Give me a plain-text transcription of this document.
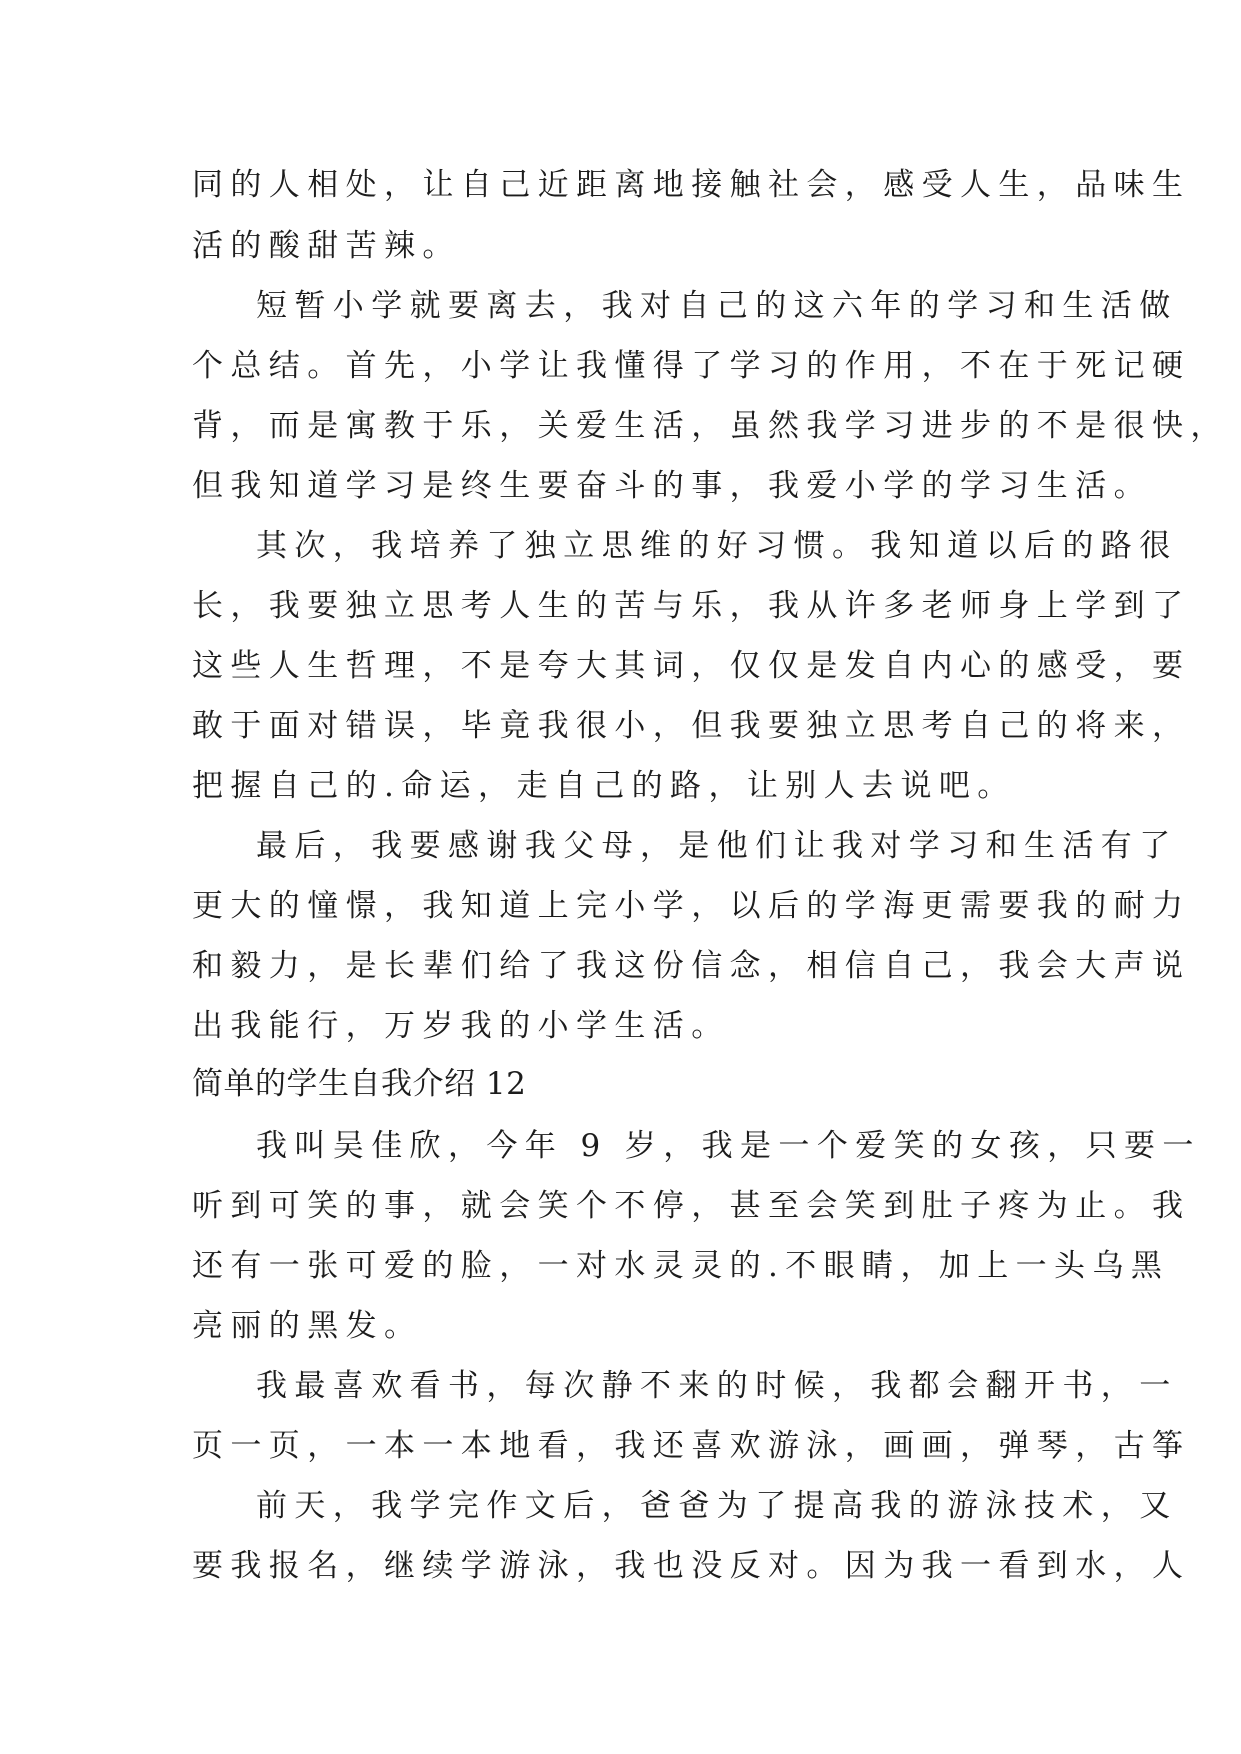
同的人相处，让自己近距离地接触社会，感受人生，品味生
活的酸甜苦辣。
短暂小学就要离去，我对自己的这六年的学习和生活做
个总结。首先，小学让我懂得了学习的作用，不在于死记硬
背，而是寓教于乐，关爱生活，虽然我学习进步的不是很快，
但我知道学习是终生要奋斗的事，我爱小学的学习生活。
其次，我培养了独立思维的好习惯。我知道以后的路很
长，我要独立思考人生的苦与乐，我从许多老师身上学到了
这些人生哲理，不是夸大其词，仅仅是发自内心的感受，要
敢于面对错误，毕竟我很小，但我要独立思考自己的将来，
把握自己的.命运，走自己的路，让别人去说吧。
最后，我要感谢我父母，是他们让我对学习和生活有了
更大的憧憬，我知道上完小学，以后的学海更需要我的耐力
和毅力，是长辈们给了我这份信念，相信自己，我会大声说
出我能行，万岁我的小学生活。
简单的学生自我介绍 12
我叫吴佳欣，今年 9 岁，我是一个爱笑的女孩，只要一
听到可笑的事，就会笑个不停，甚至会笑到肚子疼为止。我
还有一张可爱的脸，一对水灵灵的.不眼睛，加上一头乌黑
亮丽的黑发。
我最喜欢看书，每次静不来的时候，我都会翻开书，一
页一页，一本一本地看，我还喜欢游泳，画画，弹琴，古筝
前天，我学完作文后，爸爸为了提高我的游泳技术，又
要我报名，继续学游泳，我也没反对。因为我一看到水，人
